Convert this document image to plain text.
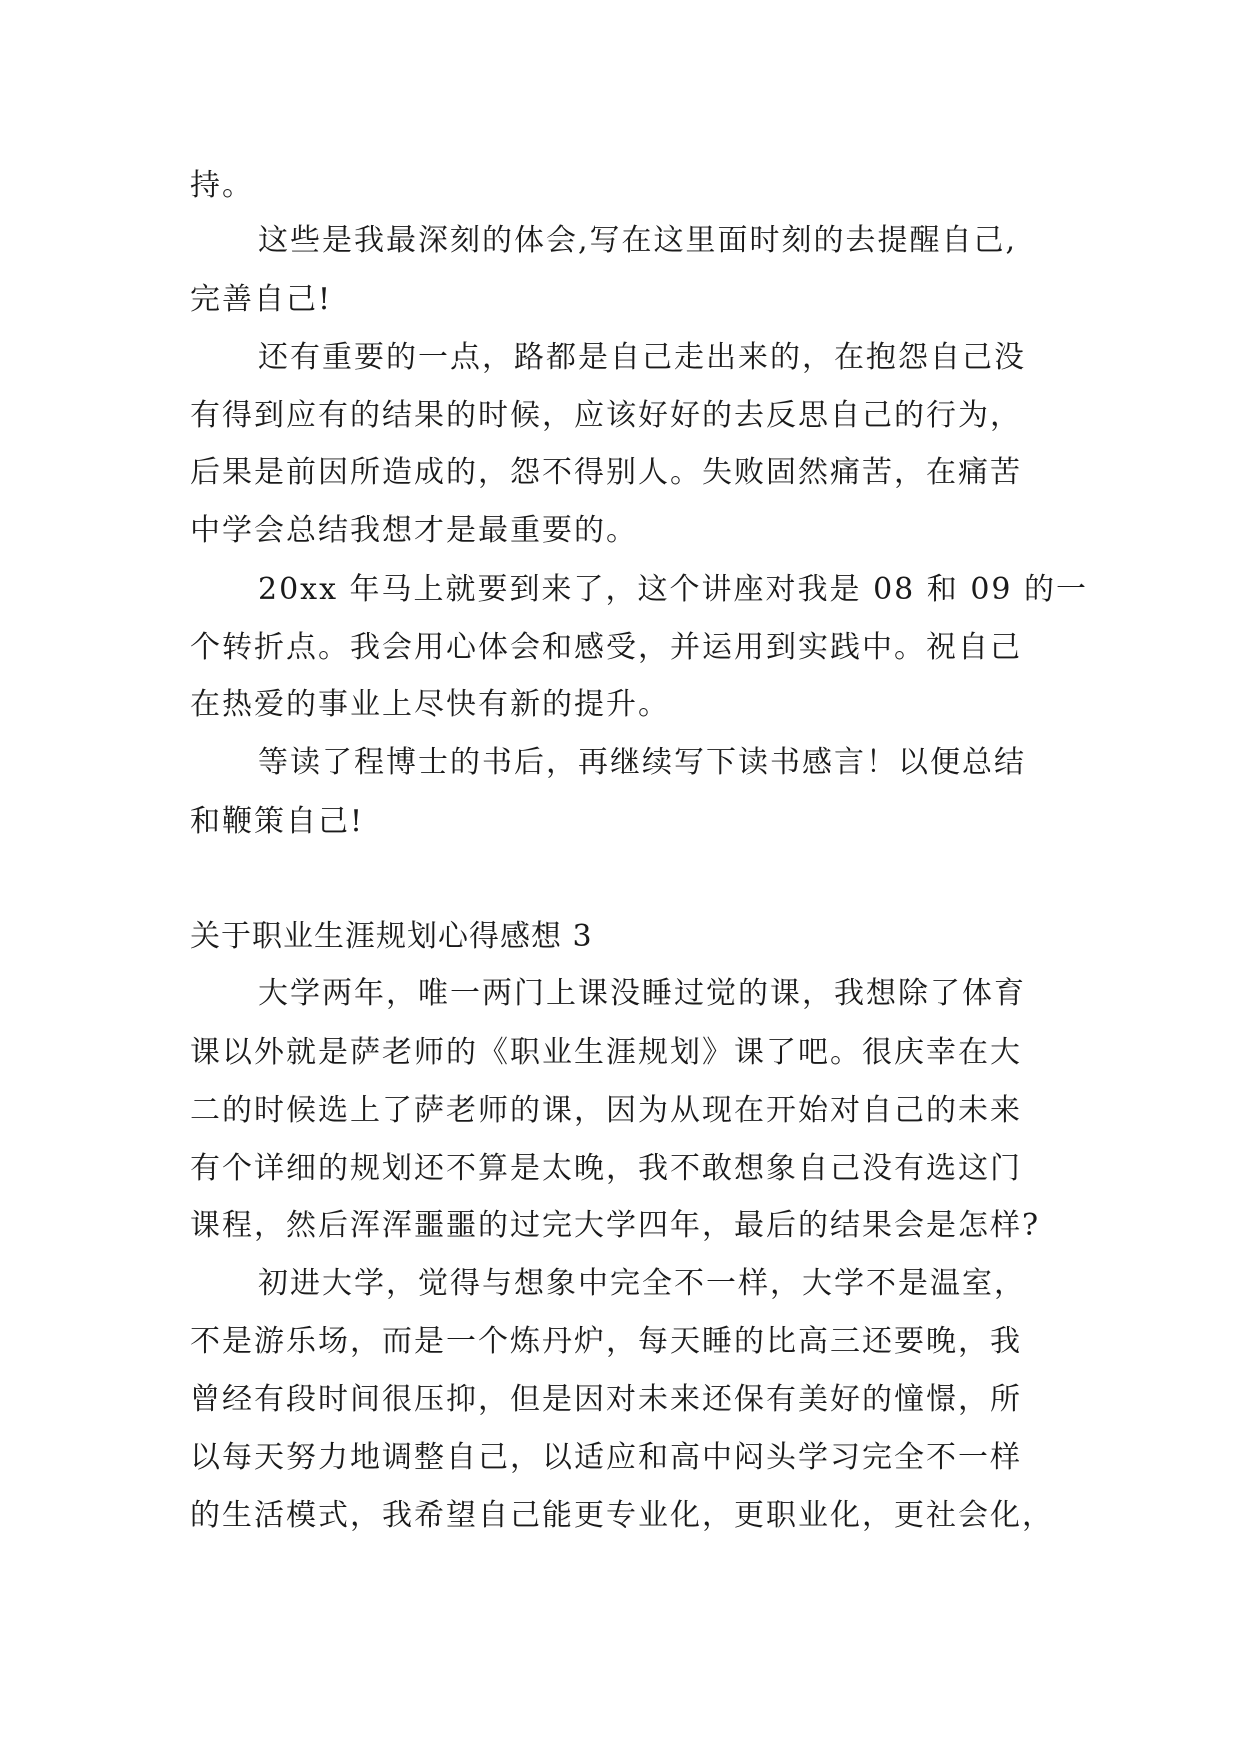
持。
这些是我最深刻的体会,写在这里面时刻的去提醒自己,
完善自己!
还有重要的一点，路都是自己走出来的，在抱怨自己没
有得到应有的结果的时候，应该好好的去反思自己的行为，
后果是前因所造成的，怨不得别人。失败固然痛苦，在痛苦
中学会总结我想才是最重要的。
20xx 年马上就要到来了，这个讲座对我是 08 和 09 的一
个转折点。我会用心体会和感受，并运用到实践中。祝自己
在热爱的事业上尽快有新的提升。
等读了程博士的书后，再继续写下读书感言！以便总结
和鞭策自己!
关于职业生涯规划心得感想 3
大学两年，唯一两门上课没睡过觉的课，我想除了体育
课以外就是萨老师的《职业生涯规划》课了吧。很庆幸在大
二的时候选上了萨老师的课，因为从现在开始对自己的未来
有个详细的规划还不算是太晚，我不敢想象自己没有选这门
课程，然后浑浑噩噩的过完大学四年，最后的结果会是怎样?
初进大学，觉得与想象中完全不一样，大学不是温室，
不是游乐场，而是一个炼丹炉，每天睡的比高三还要晚，我
曾经有段时间很压抑，但是因对未来还保有美好的憧憬，所
以每天努力地调整自己，以适应和高中闷头学习完全不一样
的生活模式，我希望自己能更专业化，更职业化，更社会化，
